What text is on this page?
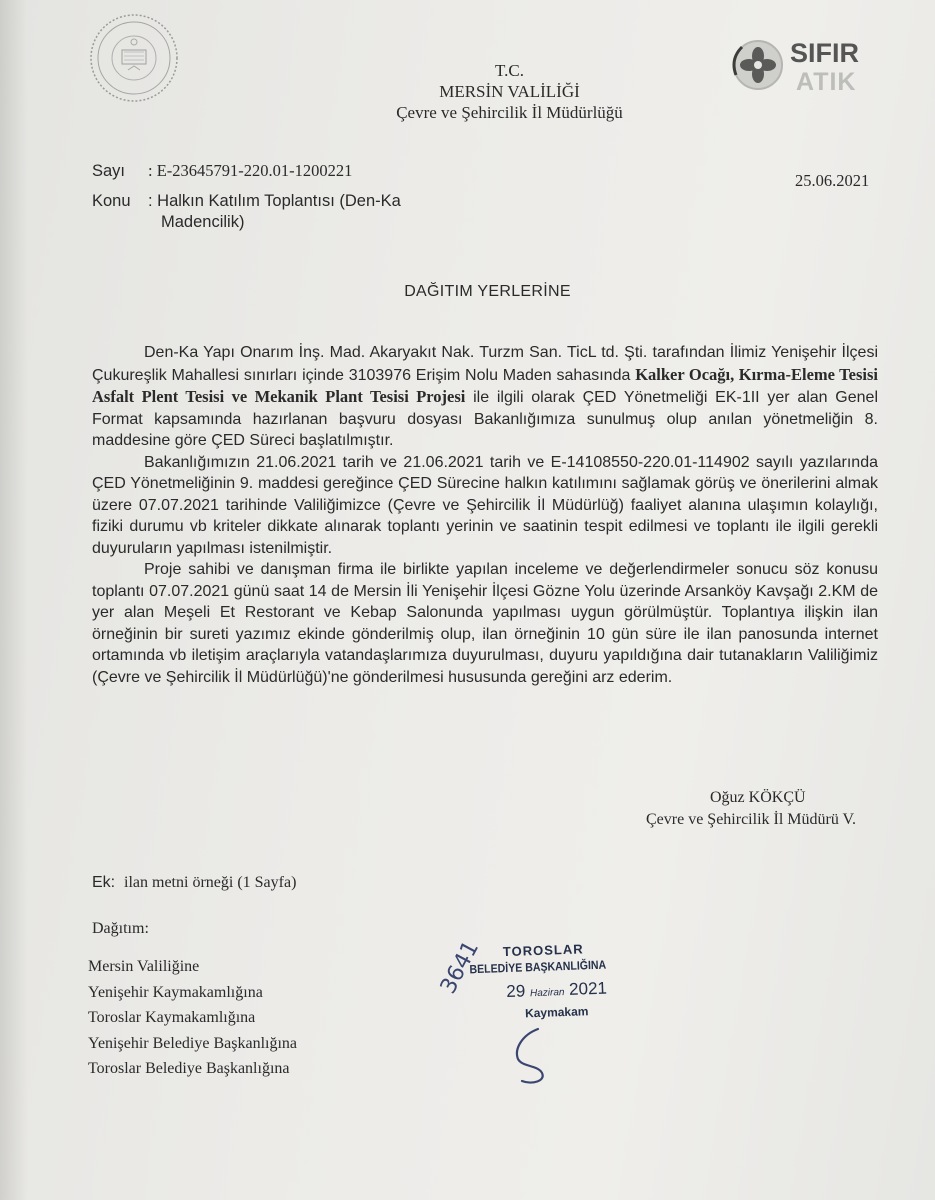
SIFIR
ATIK
T.C.
MERSİN VALİLİĞİ
Çevre ve Şehircilik İl Müdürlüğü
Sayı : E-23645791-220.01-1200221
Konu : Halkın Katılım Toplantısı (Den-Ka
Madencilik)
25.06.2021
DAĞITIM YERLERİNE

Den-Ka Yapı Onarım İnş. Mad. Akaryakıt Nak. Turzm San. TicL td. Şti. tarafından İlimiz Yenişehir İlçesi Çukureşlik Mahallesi sınırları içinde 3103976 Erişim Nolu Maden sahasında Kalker Ocağı, Kırma-Eleme Tesisi Asfalt Plent Tesisi ve Mekanik Plant Tesisi Projesi ile ilgili olarak ÇED Yönetmeliği EK-1II yer alan Genel Format kapsamında hazırlanan başvuru dosyası Bakanlığımıza sunulmuş olup anılan yönetmeliğin 8. maddesine göre ÇED Süreci başlatılmıştır.

Bakanlığımızın 21.06.2021 tarih ve 21.06.2021 tarih ve E-14108550-220.01-114902 sayılı yazılarında ÇED Yönetmeliğinin 9. maddesi gereğince ÇED Sürecine halkın katılımını sağlamak görüş ve önerilerini almak üzere 07.07.2021 tarihinde Valiliğimizce (Çevre ve Şehircilik İl Müdürlüğ) faaliyet alanına ulaşımın kolaylığı, fiziki durumu vb kriteler dikkate alınarak toplantı yerinin ve saatinin tespit edilmesi ve toplantı ile ilgili gerekli duyuruların yapılması istenilmiştir.

Proje sahibi ve danışman firma ile birlikte yapılan inceleme ve değerlendirmeler sonucu söz konusu toplantı 07.07.2021 günü saat 14 de Mersin İli Yenişehir İlçesi Gözne Yolu üzerinde Arsanköy Kavşağı 2.KM de yer alan Meşeli Et Restorant ve Kebap Salonunda yapılması uygun görülmüştür. Toplantıya ilişkin ilan örneğinin bir sureti yazımız ekinde gönderilmiş olup, ilan örneğinin 10 gün süre ile ilan panosunda internet ortamında vb iletişim araçlarıyla vatandaşlarımıza duyurulması, duyuru yapıldığına dair tutanakların Valiliğimiz (Çevre ve Şehircilik İl Müdürlüğü)'ne gönderilmesi hususunda gereğini arz ederim.

Oğuz KÖKÇÜ
Çevre ve Şehircilik İl Müdürü V.
Ek: ilan metni örneği (1 Sayfa)
Dağıtım:
Mersin Valiliğine
Yenişehir Kaymakamlığına
Toroslar Kaymakamlığına
Yenişehir Belediye Başkanlığına
Toroslar Belediye Başkanlığına
3641 TOROSLAR
BELEDİYE BAŞKANLIĞINA
29 Haziran 2021
Kaymakam
